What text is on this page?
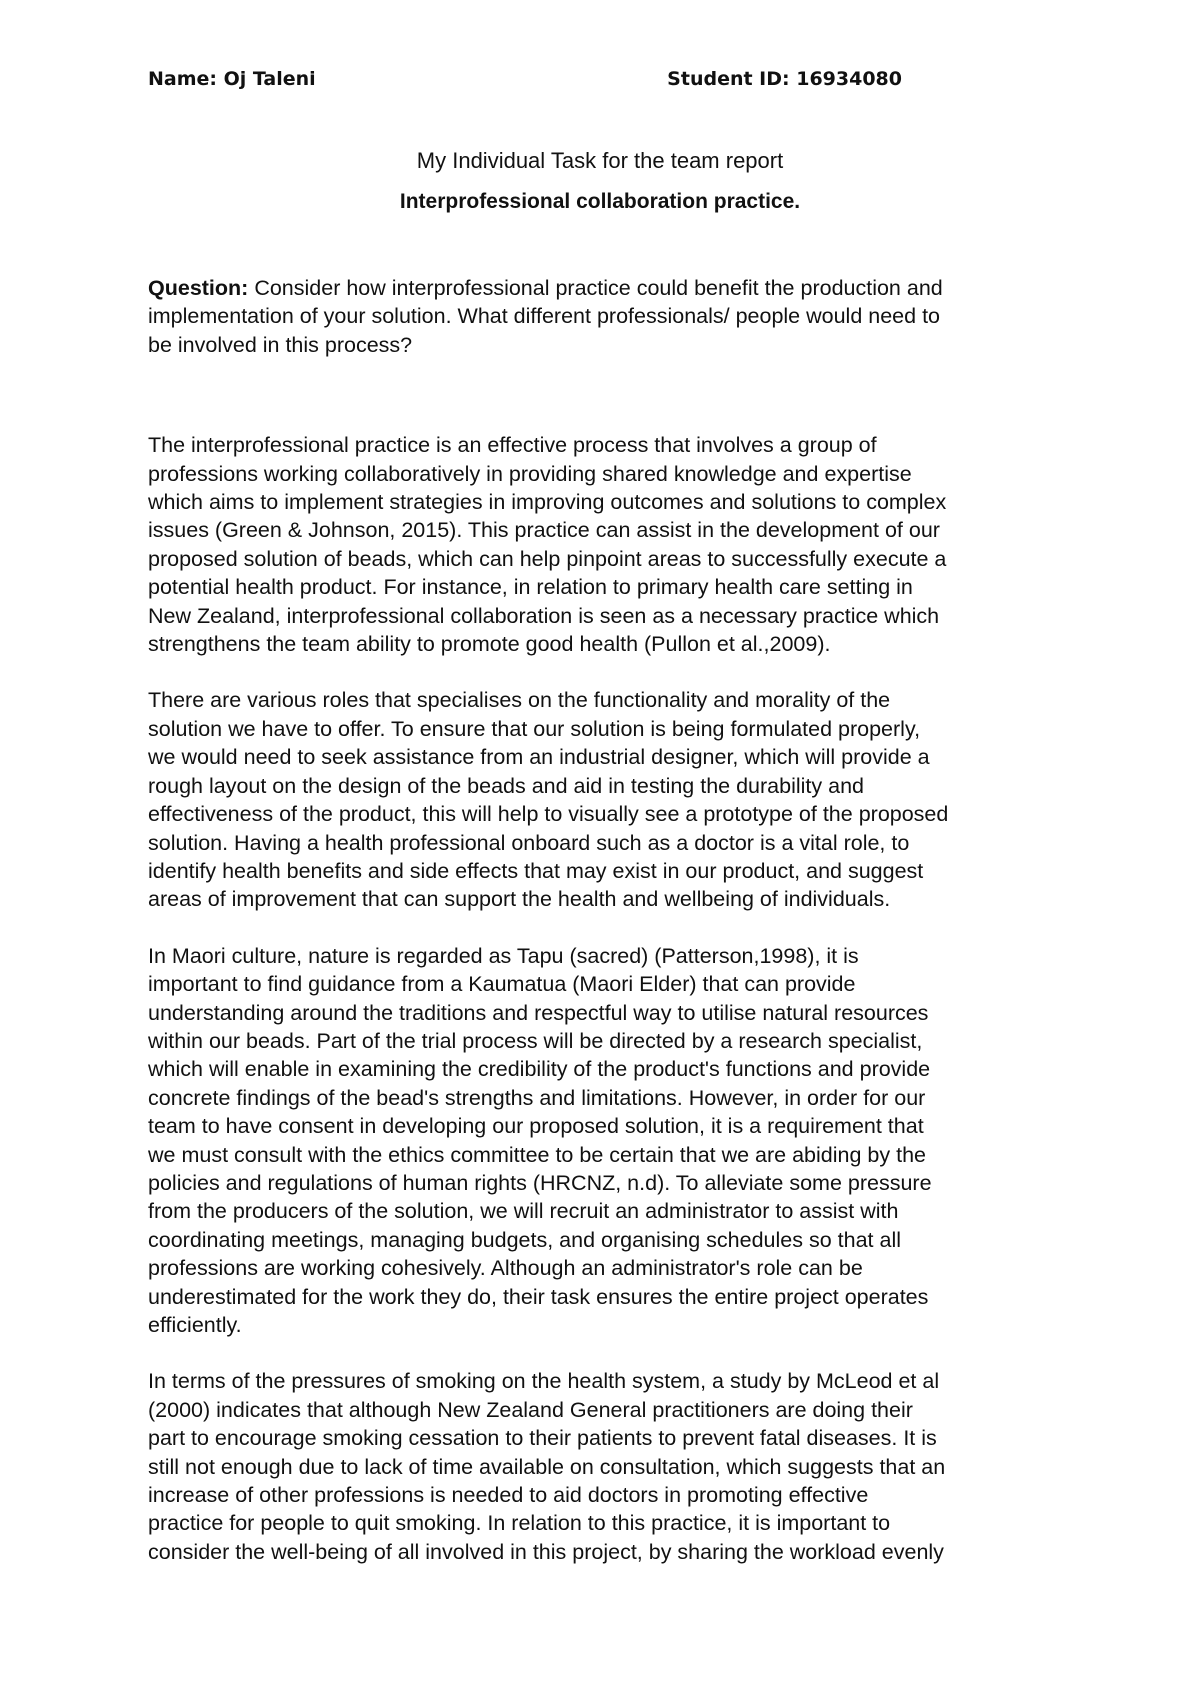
Name: Oj Taleni	Student ID: 16934080

My Individual Task for the team report

Interprofessional collaboration practice.

Question: Consider how interprofessional practice could benefit the production and
implementation of your solution. What different professionals/ people would need to
be involved in this process?

The interprofessional practice is an effective process that involves a group of
professions working collaboratively in providing shared knowledge and expertise
which aims to implement strategies in improving outcomes and solutions to complex
issues (Green & Johnson, 2015). This practice can assist in the development of our
proposed solution of beads, which can help pinpoint areas to successfully execute a
potential health product. For instance, in relation to primary health care setting in
New Zealand, interprofessional collaboration is seen as a necessary practice which
strengthens the team ability to promote good health (Pullon et al.,2009).

There are various roles that specialises on the functionality and morality of the
solution we have to offer. To ensure that our solution is being formulated properly,
we would need to seek assistance from an industrial designer, which will provide a
rough layout on the design of the beads and aid in testing the durability and
effectiveness of the product, this will help to visually see a prototype of the proposed
solution. Having a health professional onboard such as a doctor is a vital role, to
identify health benefits and side effects that may exist in our product, and suggest
areas of improvement that can support the health and wellbeing of individuals.

In Maori culture, nature is regarded as Tapu (sacred) (Patterson,1998), it is
important to find guidance from a Kaumatua (Maori Elder) that can provide
understanding around the traditions and respectful way to utilise natural resources
within our beads. Part of the trial process will be directed by a research specialist,
which will enable in examining the credibility of the product's functions and provide
concrete findings of the bead's strengths and limitations. However, in order for our
team to have consent in developing our proposed solution, it is a requirement that
we must consult with the ethics committee to be certain that we are abiding by the
policies and regulations of human rights (HRCNZ, n.d). To alleviate some pressure
from the producers of the solution, we will recruit an administrator to assist with
coordinating meetings, managing budgets, and organising schedules so that all
professions are working cohesively. Although an administrator's role can be
underestimated for the work they do, their task ensures the entire project operates
efficiently.

In terms of the pressures of smoking on the health system, a study by McLeod et al
(2000) indicates that although New Zealand General practitioners are doing their
part to encourage smoking cessation to their patients to prevent fatal diseases. It is
still not enough due to lack of time available on consultation, which suggests that an
increase of other professions is needed to aid doctors in promoting effective
practice for people to quit smoking. In relation to this practice, it is important to
consider the well-being of all involved in this project, by sharing the workload evenly
